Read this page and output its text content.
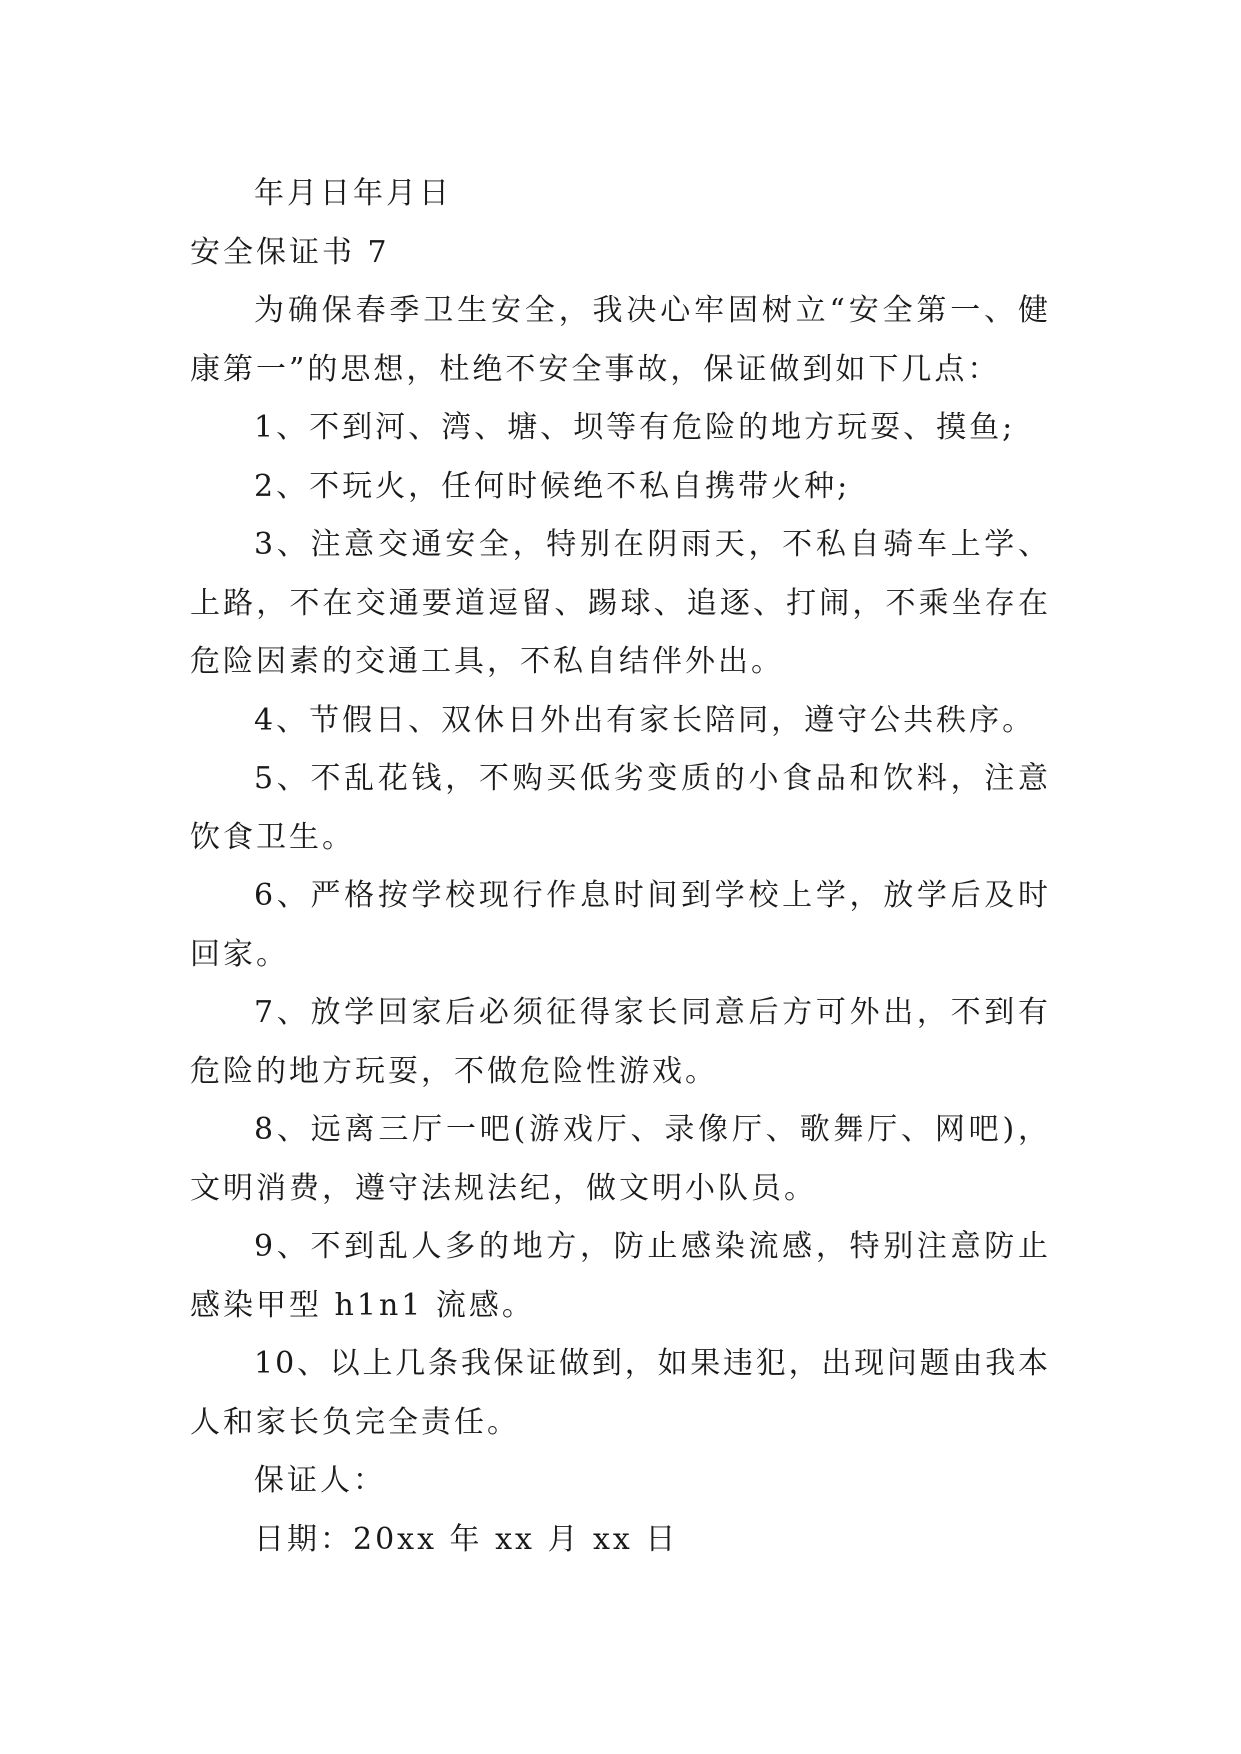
年月日年月日
安全保证书 7
为确保春季卫生安全，我决心牢固树立“安全第一、健
康第一”的思想，杜绝不安全事故，保证做到如下几点：
1、不到河、湾、塘、坝等有危险的地方玩耍、摸鱼;
2、不玩火，任何时候绝不私自携带火种;
3、注意交通安全，特别在阴雨天，不私自骑车上学、
上路，不在交通要道逗留、踢球、追逐、打闹，不乘坐存在
危险因素的交通工具，不私自结伴外出。
4、节假日、双休日外出有家长陪同，遵守公共秩序。
5、不乱花钱，不购买低劣变质的小食品和饮料，注意
饮食卫生。
6、严格按学校现行作息时间到学校上学，放学后及时
回家。
7、放学回家后必须征得家长同意后方可外出，不到有
危险的地方玩耍，不做危险性游戏。
8、远离三厅一吧(游戏厅、录像厅、歌舞厅、网吧)，
文明消费，遵守法规法纪，做文明小队员。
9、不到乱人多的地方，防止感染流感，特别注意防止
感染甲型 h1n1 流感。
10、以上几条我保证做到，如果违犯，出现问题由我本
人和家长负完全责任。
保证人：
日期：20xx 年 xx 月 xx 日
